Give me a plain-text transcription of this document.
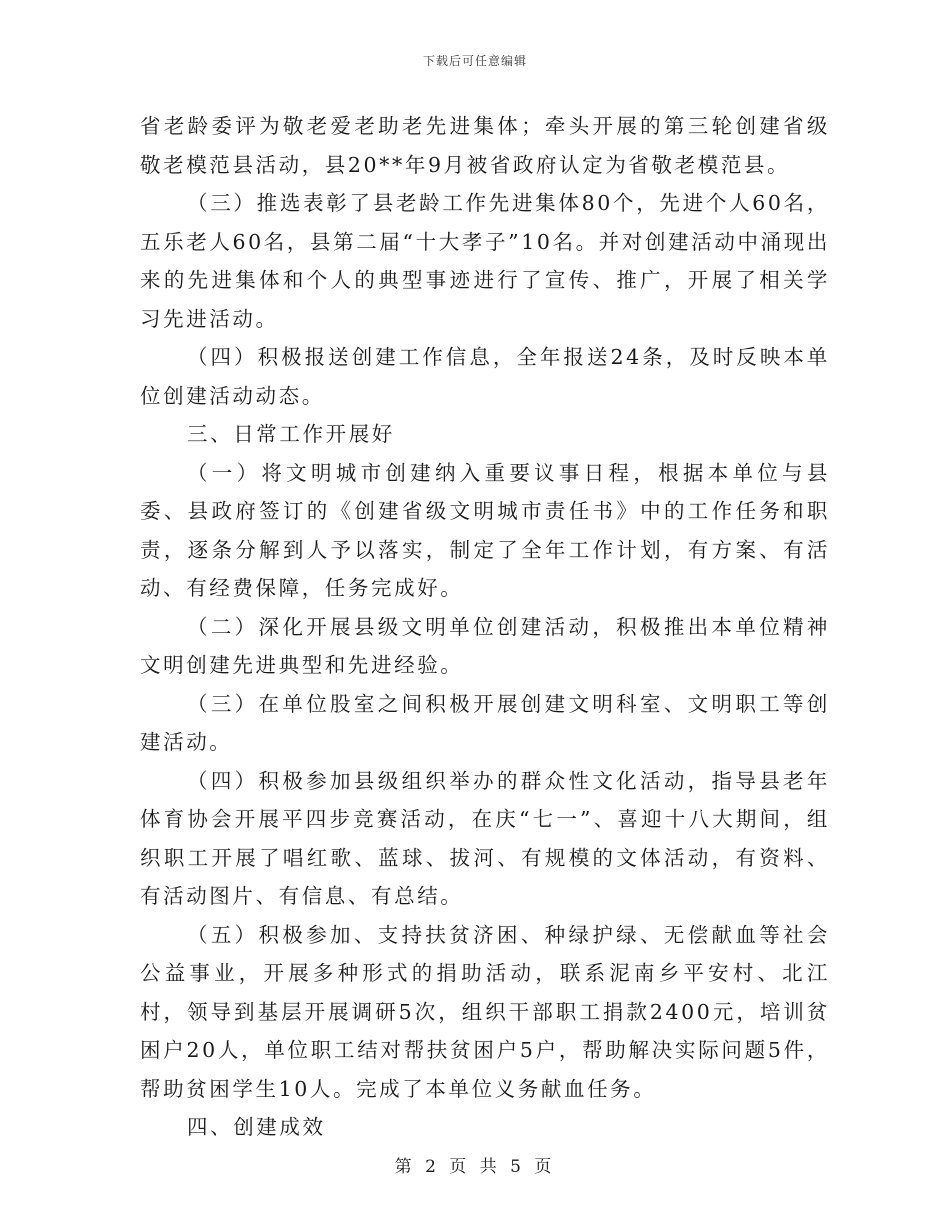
下载后可任意编辑

省老龄委评为敬老爱老助老先进集体；牵头开展的第三轮创建省级敬老模范县活动，县20**年9月被省政府认定为省敬老模范县。

（三）推选表彰了县老龄工作先进集体80个，先进个人60名，五乐老人60名，县第二届“十大孝子”10名。并对创建活动中涌现出来的先进集体和个人的典型事迹进行了宣传、推广，开展了相关学习先进活动。

（四）积极报送创建工作信息，全年报送24条，及时反映本单位创建活动动态。

三、日常工作开展好

（一）将文明城市创建纳入重要议事日程，根据本单位与县委、县政府签订的《创建省级文明城市责任书》中的工作任务和职责，逐条分解到人予以落实，制定了全年工作计划，有方案、有活动、有经费保障，任务完成好。

（二）深化开展县级文明单位创建活动，积极推出本单位精神文明创建先进典型和先进经验。

（三）在单位股室之间积极开展创建文明科室、文明职工等创建活动。

（四）积极参加县级组织举办的群众性文化活动，指导县老年体育协会开展平四步竞赛活动，在庆“七一”、喜迎十八大期间，组织职工开展了唱红歌、蓝球、拔河、有规模的文体活动，有资料、有活动图片、有信息、有总结。

（五）积极参加、支持扶贫济困、种绿护绿、无偿献血等社会公益事业，开展多种形式的捐助活动，联系泥南乡平安村、北江村，领导到基层开展调研5次，组织干部职工捐款2400元，培训贫困户20人，单位职工结对帮扶贫困户5户，帮助解决实际问题5件，帮助贫困学生10人。完成了本单位义务献血任务。

四、创建成效

第 2 页 共 5 页
